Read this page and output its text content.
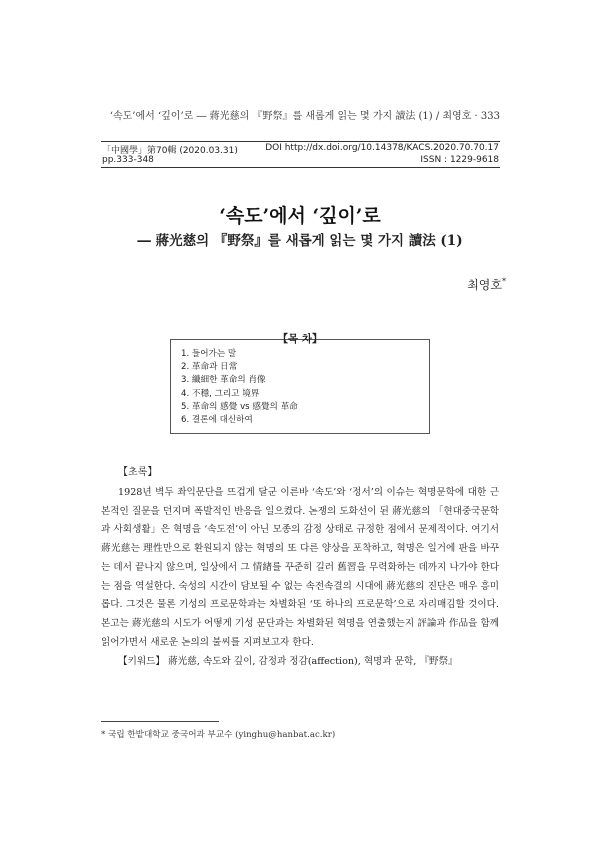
‘속도’에서 ‘깊이’로 ― 蔣光慈의 『野祭』를 새롭게 읽는 몇 가지 讀法 (1) / 최영호 · 333
「中國學」第70輯 (2020.03.31)	DOI http://dx.doi.org/10.14378/KACS.2020.70.70.17
pp.333-348	ISSN : 1229-9618
‘속도’에서 ‘깊이’로
― 蔣光慈의 『野祭』를 새롭게 읽는 몇 가지 讀法 (1)
최영호*
【목 차】
1. 들어가는 말
2. 革命과 日常
3. 纖細한 革命의 肖像
4. 不穩, 그리고 境界
5. 革命의 感覺 vs 感覺의 革命
6. 결론에 대신하여
【초록】

1928년 벽두 좌익문단을 뜨겁게 달군 이른바 ‘속도’와 ‘정서’의 이슈는 혁명문학에 대한 근본적인 질문을 던지며 폭발적인 반응을 일으켰다. 논쟁의 도화선이 된 蔣光慈의 「현대중국문학과 사회생활」은 혁명을 ‘속도전’이 아닌 모종의 감정 상태로 규정한 점에서 문제적이다. 여기서 蔣光慈는 理性만으로 환원되지 않는 혁명의 또 다른 양상을 포착하고, 혁명은 일거에 판을 바꾸는 데서 끝나지 않으며, 일상에서 그 情緖를 꾸준히 길러 舊習을 무력화하는 데까지 나가야 한다는 점을 역설한다. 숙성의 시간이 담보될 수 없는 속전속결의 시대에 蔣光慈의 진단은 매우 흥미롭다. 그것은 물론 기성의 프로문학과는 차별화된 ‘또 하나의 프로문학’으로 자리매김할 것이다. 본고는 蔣光慈의 시도가 어떻게 기성 문단과는 차별화된 혁명을 연출했는지 評論과 作品을 함께 읽어가면서 새로운 논의의 불씨를 지펴보고자 한다.

【키워드】 蔣光慈, 속도와 깊이, 감정과 정감(affection), 혁명과 문학, 『野祭』
* 국립 한밭대학교 중국어과 부교수 (yinghu@hanbat.ac.kr)
